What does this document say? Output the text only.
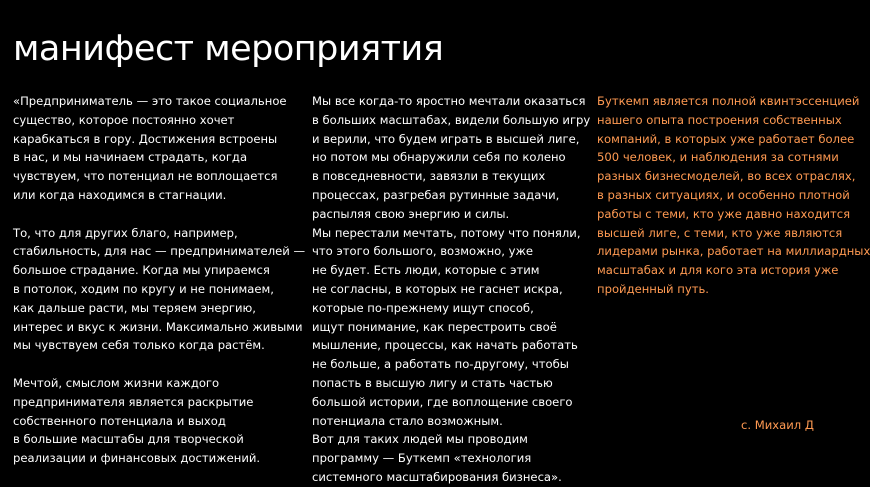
манифест мероприятия

«Предприниматель — это такое социальное

существо, которое постоянно хочет

карабкаться в гору. Достижения встроены

в нас, и мы начинаем страдать, когда

чувствуем, что потенциал не воплощается

или когда находимся в стагнации.

То, что для других благо, например,

стабильность, для нас — предпринимателей —

большое страдание. Когда мы упираемся

в потолок, ходим по кругу и не понимаем,

как дальше расти, мы теряем энергию,

интерес и вкус к жизни. Максимально живыми

мы чувствуем себя только когда растём.

Мечтой, смыслом жизни каждого

предпринимателя является раскрытие

собственного потенциала и выход

в большие масштабы для творческой

реализации и финансовых достижений.

Мы все когда-то яростно мечтали оказаться

в больших масштабах, видели большую игру

и верили, что будем играть в высшей лиге,

но потом мы обнаружили себя по колено

в повседневности, завязли в текущих

процессах, разгребая рутинные задачи,

распыляя свою энергию и силы.

Мы перестали мечтать, потому что поняли,

что этого большого, возможно, уже

не будет. Есть люди, которые с этим

не согласны, в которых не гаснет искра,

которые по-прежнему ищут способ,

ищут понимание, как перестроить своё

мышление, процессы, как начать работать

не больше, а работать по-другому, чтобы

попасть в высшую лигу и стать частью

большой истории, где воплощение своего

потенциала стало возможным.

Вот для таких людей мы проводим

программу — Буткемп «технология

системного масштабирования бизнеса».

Буткемп является полной квинтэссенцией

нашего опыта построения собственных

компаний, в которых уже работает более

500 человек, и наблюдения за сотнями

разных бизнесмоделей, во всех отраслях,

в разных ситуациях, и особенно плотной

работы с теми, кто уже давно находится

высшей лиге, с теми, кто уже являются

лидерами рынка, работает на миллиардных

масштабах и для кого эта история уже

пройденный путь.

с. Михаил Д
